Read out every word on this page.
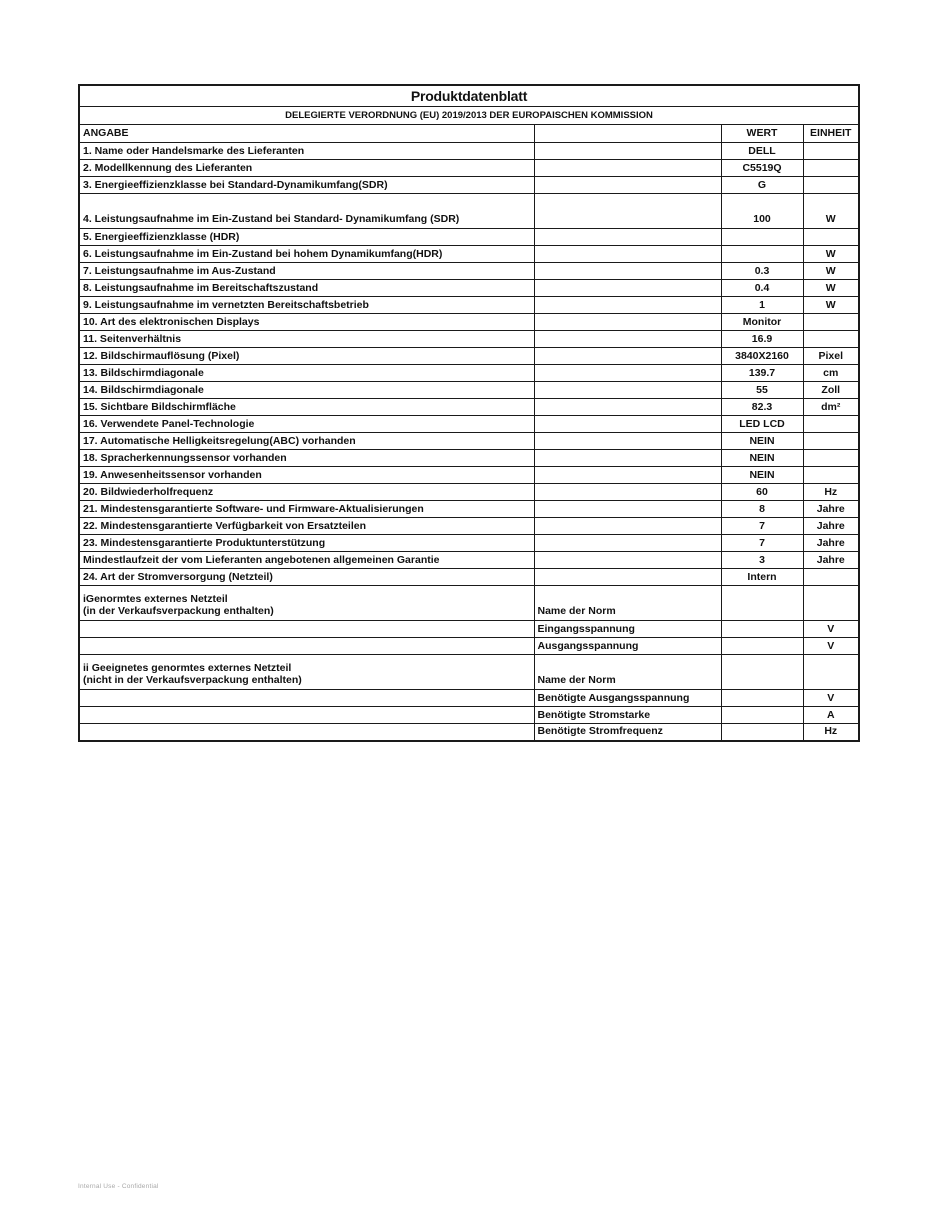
Produktdatenblatt			
DELEGIERTE VERORDNUNG (EU) 2019/2013 DER EUROPAISCHEN KOMMISSION			
ANGABE		WERT	EINHEIT

1. Name oder Handelsmarke des Lieferanten		DELL	

2. Modellkennung des Lieferanten		C5519Q	

3. Energieeffizienzklasse bei Standard-Dynamikumfang(SDR)		G	

4. Leistungsaufnahme im Ein-Zustand bei Standard- Dynamikumfang (SDR)		100	W

5. Energieeffizienzklasse (HDR)			

6. Leistungsaufnahme im Ein-Zustand bei hohem Dynamikumfang(HDR)			W

7. Leistungsaufnahme im Aus-Zustand		0.3	W

8. Leistungsaufnahme im Bereitschaftszustand		0.4	W

9. Leistungsaufnahme im vernetzten Bereitschaftsbetrieb		1	W

10. Art des elektronischen Displays		Monitor	

11. Seitenverhältnis		16.9	

12. Bildschirmauflösung (Pixel)		3840X2160	Pixel

13. Bildschirmdiagonale		139.7	cm

14. Bildschirmdiagonale		55	Zoll

15. Sichtbare Bildschirmfläche		82.3	dm²

16. Verwendete Panel-Technologie		LED LCD	

17. Automatische Helligkeitsregelung(ABC) vorhanden		NEIN	

18. Spracherkennungssensor vorhanden		NEIN	

19. Anwesenheitssensor vorhanden		NEIN	

20. Bildwiederholfrequenz		60	Hz

21. Mindestensgarantierte Software- und Firmware-Aktualisierungen		8	Jahre

22. Mindestensgarantierte Verfügbarkeit von Ersatzteilen		7	Jahre

23. Mindestensgarantierte Produktunterstützung		7	Jahre

Mindestlaufzeit der vom Lieferanten angebotenen allgemeinen Garantie		3	Jahre

24. Art der Stromversorgung (Netzteil)		Intern	

iGenormtes externes Netzteil
(in der Verkaufsverpackung enthalten)	Name der Norm		

	Eingangsspannung		V

	Ausgangsspannung		V

ii Geeignetes genormtes externes Netzteil
(nicht in der Verkaufsverpackung enthalten)	Name der Norm		

	Benötigte Ausgangsspannung		V

	Benötigte Stromstarke		A

	Benötigte Stromfrequenz		Hz
Internal Use - Confidential
